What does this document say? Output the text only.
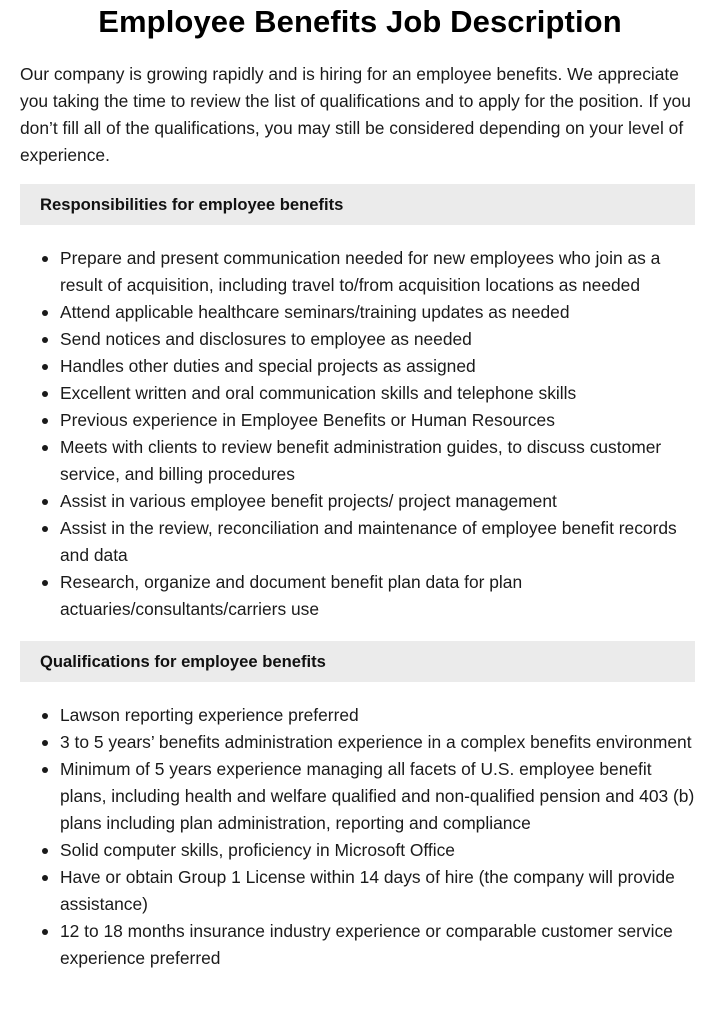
Employee Benefits Job Description

Our company is growing rapidly and is hiring for an employee benefits. We appreciate you taking the time to review the list of qualifications and to apply for the position. If you don’t fill all of the qualifications, you may still be considered depending on your level of experience.

Responsibilities for employee benefits
Prepare and present communication needed for new employees who join as a result of acquisition, including travel to/from acquisition locations as needed
Attend applicable healthcare seminars/training updates as needed
Send notices and disclosures to employee as needed
Handles other duties and special projects as assigned
Excellent written and oral communication skills and telephone skills
Previous experience in Employee Benefits or Human Resources
Meets with clients to review benefit administration guides, to discuss customer service, and billing procedures
Assist in various employee benefit projects/ project management
Assist in the review, reconciliation and maintenance of employee benefit records and data
Research, organize and document benefit plan data for plan actuaries/consultants/carriers use
Qualifications for employee benefits
Lawson reporting experience preferred
3 to 5 years’ benefits administration experience in a complex benefits environment
Minimum of 5 years experience managing all facets of U.S. employee benefit plans, including health and welfare qualified and non-qualified pension and 403 (b) plans including plan administration, reporting and compliance
Solid computer skills, proficiency in Microsoft Office
Have or obtain Group 1 License within 14 days of hire (the company will provide assistance)
12 to 18 months insurance industry experience or comparable customer service experience preferred
